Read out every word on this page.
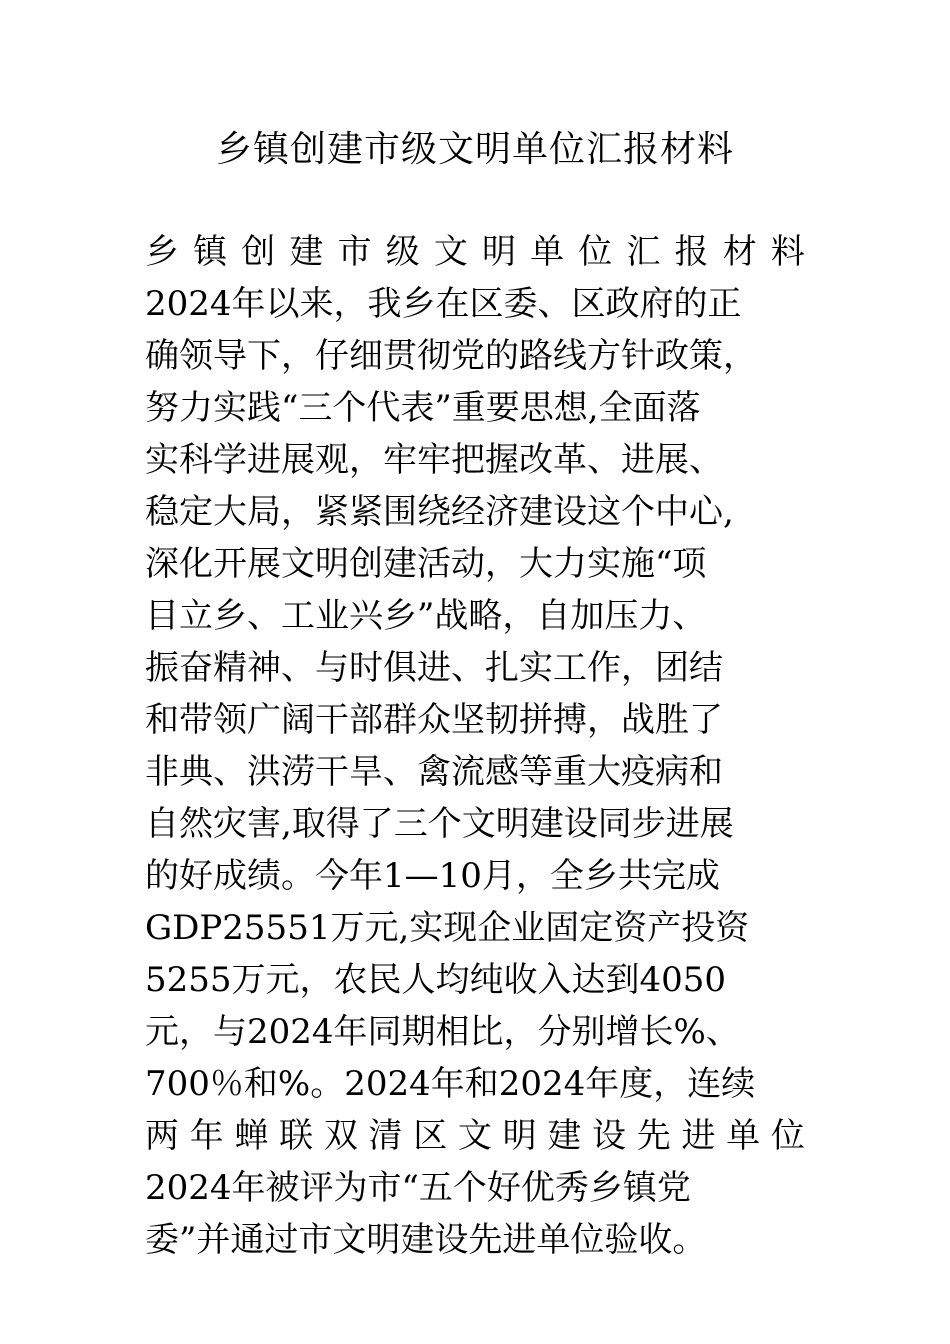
乡镇创建市级文明单位汇报材料
乡 镇 创 建 市 级 文 明 单 位 汇 报 材 料
2024年以来，我乡在区委、区政府的正
确领导下，仔细贯彻党的路线方针政策，
努力实践“三个代表”重要思想,全面落
实科学进展观，牢牢把握改革、进展、
稳定大局，紧紧围绕经济建设这个中心,
深化开展文明创建活动，大力实施“项
目立乡、工业兴乡”战略，自加压力、
振奋精神、与时俱进、扎实工作，团结
和带领广阔干部群众坚韧拼搏，战胜了
非典、洪涝干旱、禽流感等重大疫病和
自然灾害,取得了三个文明建设同步进展
的好成绩。今年1—10月，全乡共完成
GDP25551万元,实现企业固定资产投资
5255万元，农民人均纯收入达到4050
元，与2024年同期相比，分别增长%、
700％和%。2024年和2024年度，连续
两 年 蝉 联 双 清 区 文 明 建 设 先 进 单 位
2024年被评为市“五个好优秀乡镇党
委”并通过市文明建设先进单位验收。
